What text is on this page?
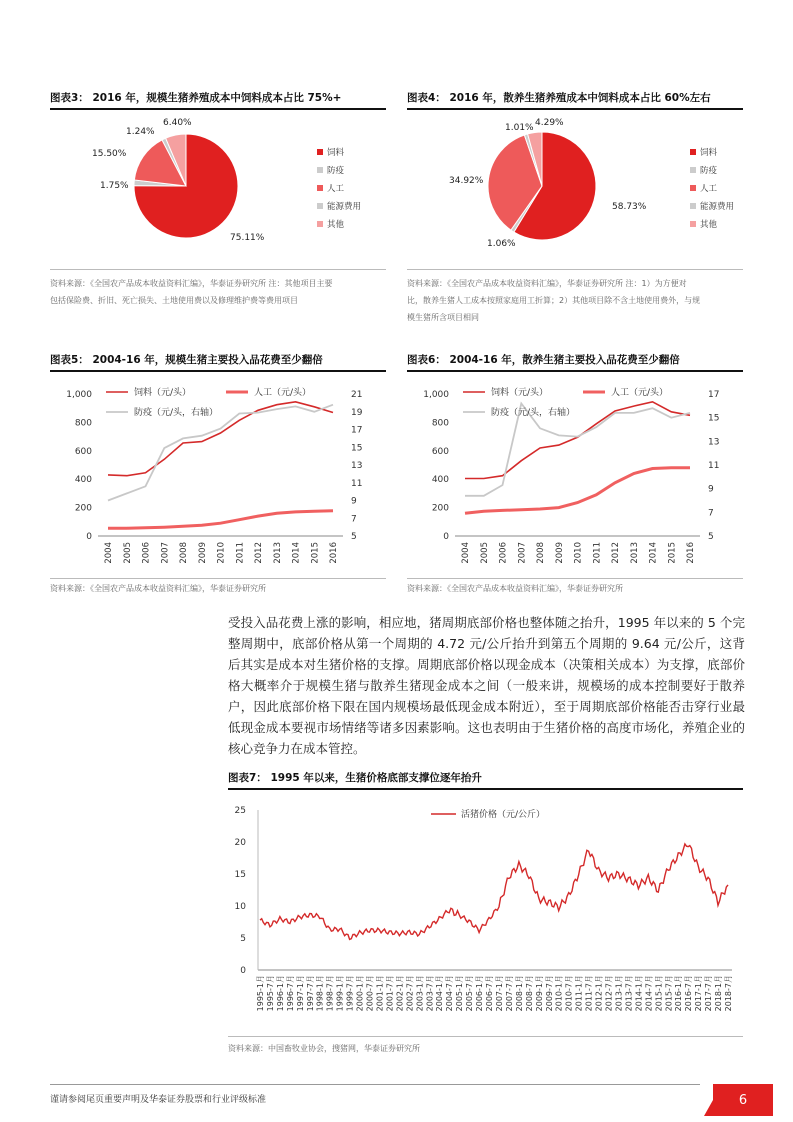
图表3： 2016 年，规模生猪养殖成本中饲料成本占比 75%+
75.11%
1.75%
15.50%
1.24%
6.40%
饲料
防疫
人工
能源费用
其他
资料来源：《全国农产品成本收益资料汇编》，华泰证券研究所 注：其他项目主要
包括保险费、折旧、死亡损失、土地使用费以及修理维护费等费用项目
图表4： 2016 年，散养生猪养殖成本中饲料成本占比 60%左右
58.73%
1.06%
34.92%
1.01% 4.29%
饲料
防疫
人工
能源费用
其他
资料来源：《全国农产品成本收益资料汇编》，华泰证券研究所 注：1）为方便对
比，散养生猪人工成本按照家庭用工折算；2）其他项目除不含土地使用费外，与规
模生猪所含项目相同
图表5： 2004-16 年，规模生猪主要投入品花费至少翻倍
0
200
400
600
800
1,000
5
7
9
11
13
15
17
19
21
2004 2005 2006 2007 2008 2009 2010 2011 2012 2013 2014 2015 2016
饲料（元/头）	人工（元/头）
防疫（元/头，右轴）
资料来源：《全国农产品成本收益资料汇编》，华泰证券研究所
图表6： 2004-16 年，散养生猪主要投入品花费至少翻倍
0
200
400
600
800
1,000
5
7
9
11
13
15
17
2004 2005 2006 2007 2008 2009 2010 2011 2012 2013 2014 2015 2016
饲料（元/头）	人工（元/头）
防疫（元/头，右轴）
资料来源：《全国农产品成本收益资料汇编》，华泰证券研究所

受投入品花费上涨的影响，相应地，猪周期底部价格也整体随之抬升，1995 年以来的 5 个完整周期中，底部价格从第一个周期的 4.72 元/公斤抬升到第五个周期的 9.64 元/公斤，这背后其实是成本对生猪价格的支撑。周期底部价格以现金成本（决策相关成本）为支撑，底部价格大概率介于规模生猪与散养生猪现金成本之间（一般来讲，规模场的成本控制要好于散养户，因此底部价格下限在国内规模场最低现金成本附近），至于周期底部价格能否击穿行业最低现金成本要视市场情绪等诸多因素影响。这也表明由于生猪价格的高度市场化，养殖企业的核心竞争力在成本管控。

图表7： 1995 年以来，生猪价格底部支撑位逐年抬升
0
5
10
15
20
25
1995-1月 1995-7月 1996-1月 1996-7月 1997-1月 1997-7月 1998-1月 1998-7月 1999-1月 1999-7月 2000-1月 2000-7月 2001-1月 2001-7月 2002-1月 2002-7月 2003-1月 2003-7月 2004-1月 2004-7月 2005-1月 2005-7月 2006-1月 2006-7月 2007-1月 2007-7月 2008-1月 2008-7月 2009-1月 2009-7月 2010-1月 2010-7月 2011-1月 2011-7月 2012-1月 2012-7月 2013-1月 2013-7月 2014-1月 2014-7月 2015-1月 2015-7月 2016-1月 2016-7月 2017-1月 2017-7月 2018-1月 2018-7月
活猪价格（元/公斤）
资料来源：中国畜牧业协会，搜猪网，华泰证券研究所
谨请参阅尾页重要声明及华泰证券股票和行业评级标准	6
